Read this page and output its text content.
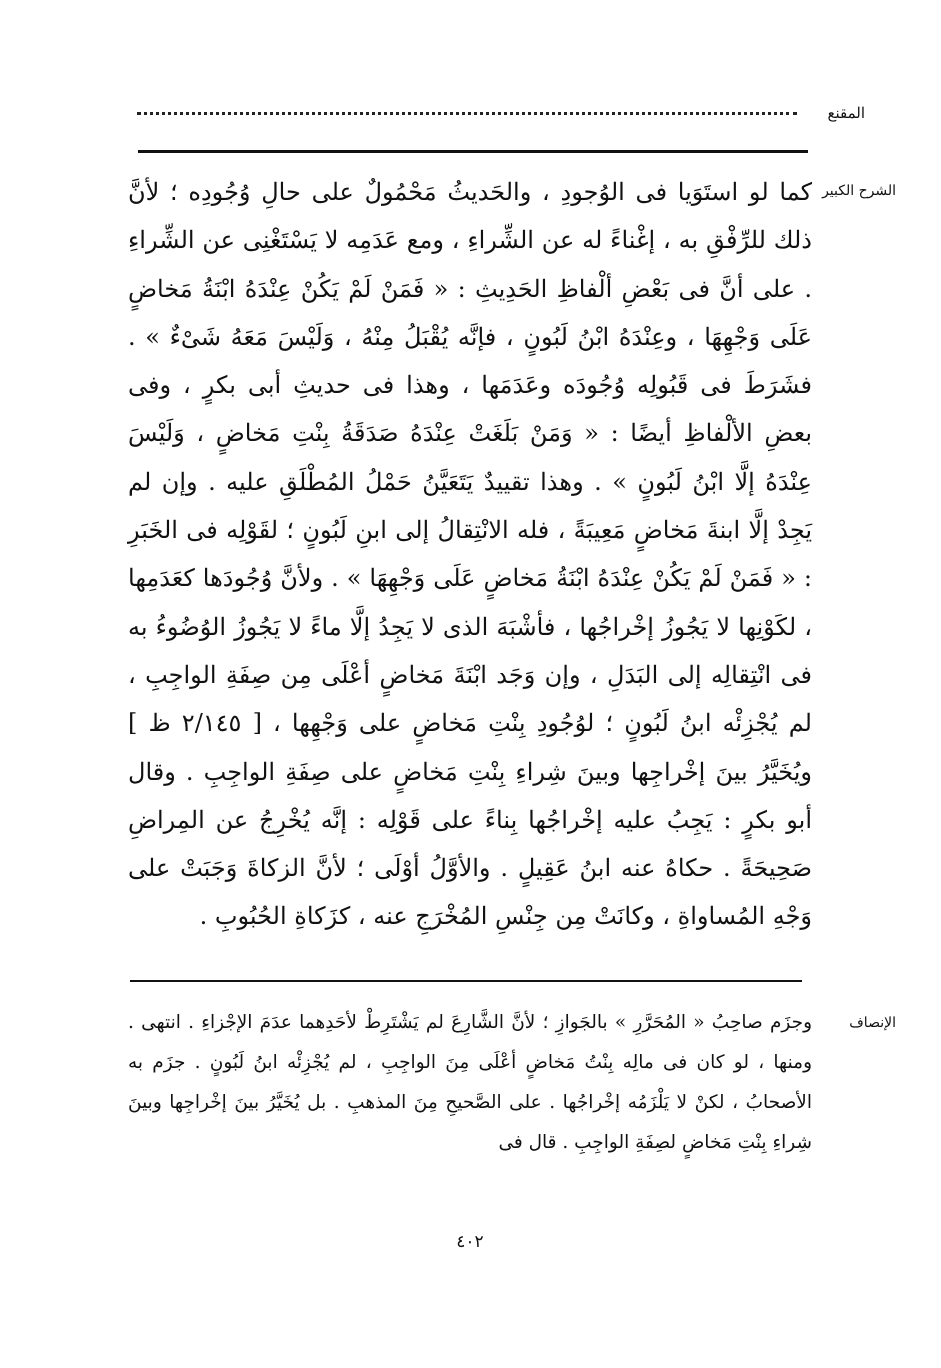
المقنع
الشرح الكبير

كما لو استَوَيا فى الوُجودِ ، والحَديثُ مَحْمُولٌ على حالِ وُجُودِه ؛ لأنَّ ذلك للرِّفْقِ به ، إغْناءً له عن الشِّراءِ ، ومع عَدَمِه لا يَسْتَغْنِى عن الشِّراءِ . على أنَّ فى بَعْضِ ألْفاظِ الحَدِيثِ : « فَمَنْ لَمْ يَكُنْ عِنْدَهُ ابْنَةُ مَخاضٍ عَلَى وَجْهِهَا ، وعِنْدَهُ ابْنُ لَبُونٍ ، فإنَّه يُقْبَلُ مِنْهُ ، وَلَيْسَ مَعَهُ شَىْءٌ » . فشَرَطَ فى قَبُولِه وُجُودَه وعَدَمَها ، وهذا فى حديثِ أبى بكرٍ ، وفى بعضِ الألْفاظِ أيضًا : « وَمَنْ بَلَغَتْ عِنْدَهُ صَدَقَةُ بِنْتِ مَخاضٍ ، وَلَيْسَ عِنْدَهُ إلَّا ابْنُ لَبُونٍ » . وهذا تقييدٌ يَتَعَيَّنُ حَمْلُ المُطْلَقِ عليه . وإن لم يَجِدْ إلَّا ابنةَ مَخاضٍ مَعِيبَةً ، فله الانْتِقالُ إلى ابنِ لَبُونٍ ؛ لقَوْلِه فى الخَبَرِ : « فَمَنْ لَمْ يَكُنْ عِنْدَهُ ابْنَةُ مَخاضٍ عَلَى وَجْهِهَا » . ولأنَّ وُجُودَها كعَدَمِها ، لكَوْنِها لا يَجُوزُ إخْراجُها ، فأشْبَهَ الذى لا يَجِدُ إلَّا ماءً لا يَجُوزُ الوُضُوءُ به فى انْتِقالِه إلى البَدَلِ ، وإن وَجَد ابْنَةَ مَخاضٍ أعْلَى مِن صِفَةِ الواجِبِ ، لم يُجْزِئْه ابنُ لَبُونٍ ؛ لوُجُودِ بِنْتِ مَخاضٍ على وَجْهِها ، [ ٢/١٤٥ ظ ] ويُخَيَّرُ بينَ إخْراجِها وبينَ شِراءِ بِنْتِ مَخاضٍ على صِفَةِ الواجِبِ . وقال أبو بكرٍ : يَجِبُ عليه إخْراجُها بِناءً على قَوْلِه : إنَّه يُخْرِجُ عن المِراضِ صَحِيحَةً . حكاهُ عنه ابنُ عَقِيلٍ . والأوَّلُ أوْلَى ؛ لأنَّ الزكاةَ وَجَبَتْ على وَجْهِ المُساواةِ ، وكانَتْ مِن جِنْسِ المُخْرَجِ عنه ، كزَكاةِ الحُبُوبِ .

الإنصاف

وجزَم صاحِبُ « المُحَرَّرِ » بالجَوازِ ؛ لأنَّ الشَّارِعَ لم يَشْتَرِطْ لأحَدِهما عدَمَ الإجْزاءِ . انتهى . ومنها ، لو كان فى مالِه بِنْتُ مَخاضٍ أعْلَى مِنَ الواجِبِ ، لم يُجْزِئْه ابنُ لَبُونٍ . جزَم به الأصحابُ ، لكنْ لا يَلْزَمُه إخْراجُها . على الصَّحيحِ مِنَ المذهبِ . بل يُخَيَّرُ بينَ إخْراجِها وبينَ شِراءِ بِنْتِ مَخاضٍ لصِفَةِ الواجِبِ . قال فى

٤٠٢
